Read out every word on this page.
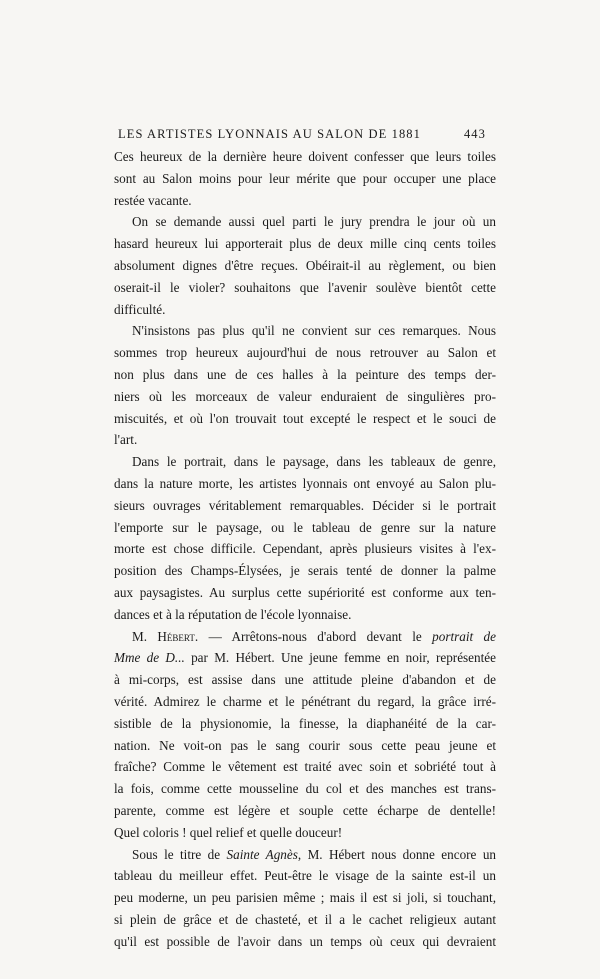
LES ARTISTES LYONNAIS AU SALON DE 1881	443
Ces heureux de la dernière heure doivent confesser que leurs toiles
sont au Salon moins pour leur mérite que pour occuper une place
restée vacante.
On se demande aussi quel parti le jury prendra le jour où un
hasard heureux lui apporterait plus de deux mille cinq cents toiles
absolument dignes d'être reçues. Obéirait-il au règlement, ou bien
oserait-il le violer? souhaitons que l'avenir soulève bientôt cette
difficulté.
N'insistons pas plus qu'il ne convient sur ces remarques. Nous
sommes trop heureux aujourd'hui de nous retrouver au Salon et
non plus dans une de ces halles à la peinture des temps der-
niers où les morceaux de valeur enduraient de singulières pro-
miscuités, et où l'on trouvait tout excepté le respect et le souci de
l'art.
Dans le portrait, dans le paysage, dans les tableaux de genre,
dans la nature morte, les artistes lyonnais ont envoyé au Salon plu-
sieurs ouvrages véritablement remarquables. Décider si le portrait
l'emporte sur le paysage, ou le tableau de genre sur la nature
morte est chose difficile. Cependant, après plusieurs visites à l'ex-
position des Champs-Élysées, je serais tenté de donner la palme
aux paysagistes. Au surplus cette supériorité est conforme aux ten-
dances et à la réputation de l'école lyonnaise.
M. Hébert. — Arrêtons-nous d'abord devant le portrait de
Mme de D... par M. Hébert. Une jeune femme en noir, représentée
à mi-corps, est assise dans une attitude pleine d'abandon et de
vérité. Admirez le charme et le pénétrant du regard, la grâce irré-
sistible de la physionomie, la finesse, la diaphanéité de la car-
nation. Ne voit-on pas le sang courir sous cette peau jeune et
fraîche? Comme le vêtement est traité avec soin et sobriété tout à
la fois, comme cette mousseline du col et des manches est trans-
parente, comme est légère et souple cette écharpe de dentelle!
Quel coloris ! quel relief et quelle douceur!
Sous le titre de Sainte Agnès, M. Hébert nous donne encore un
tableau du meilleur effet. Peut-être le visage de la sainte est-il un
peu moderne, un peu parisien même ; mais il est si joli, si touchant,
si plein de grâce et de chasteté, et il a le cachet religieux autant
qu'il est possible de l'avoir dans un temps où ceux qui devraient
